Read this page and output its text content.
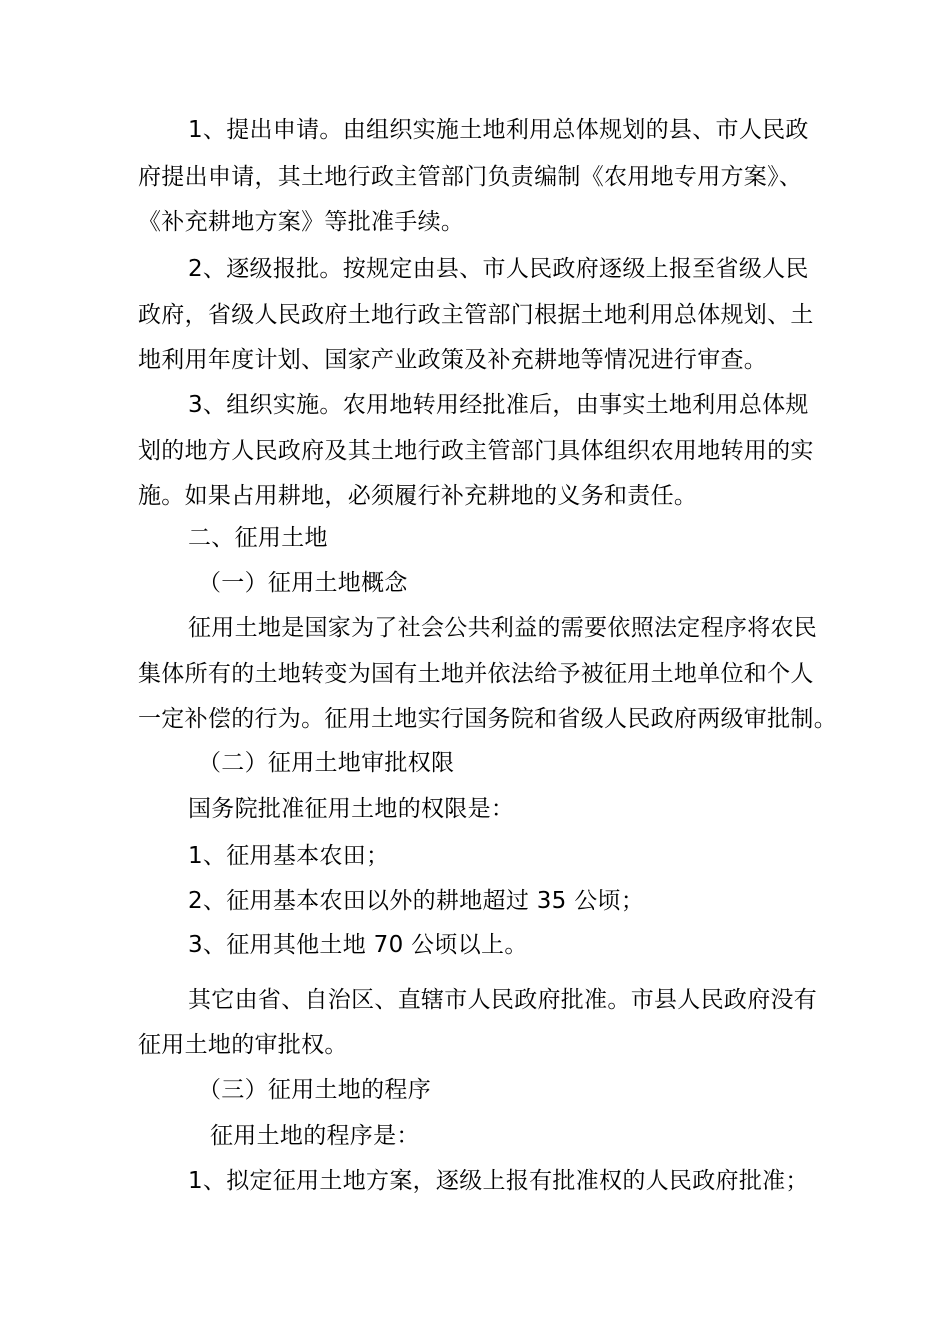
1、提出申请。由组织实施土地利用总体规划的县、市人民政
府提出申请，其土地行政主管部门负责编制《农用地专用方案》、
《补充耕地方案》等批准手续。
2、逐级报批。按规定由县、市人民政府逐级上报至省级人民
政府，省级人民政府土地行政主管部门根据土地利用总体规划、土
地利用年度计划、国家产业政策及补充耕地等情况进行审查。
3、组织实施。农用地转用经批准后，由事实土地利用总体规
划的地方人民政府及其土地行政主管部门具体组织农用地转用的实
施。如果占用耕地，必须履行补充耕地的义务和责任。
二、征用土地
（一）征用土地概念
征用土地是国家为了社会公共利益的需要依照法定程序将农民
集体所有的土地转变为国有土地并依法给予被征用土地单位和个人
一定补偿的行为。征用土地实行国务院和省级人民政府两级审批制。
（二）征用土地审批权限
国务院批准征用土地的权限是：
1、征用基本农田；
2、征用基本农田以外的耕地超过 35 公顷；
3、征用其他土地 70 公顷以上。
其它由省、自治区、直辖市人民政府批准。市县人民政府没有
征用土地的审批权。
（三）征用土地的程序
征用土地的程序是：
1、拟定征用土地方案，逐级上报有批准权的人民政府批准；
